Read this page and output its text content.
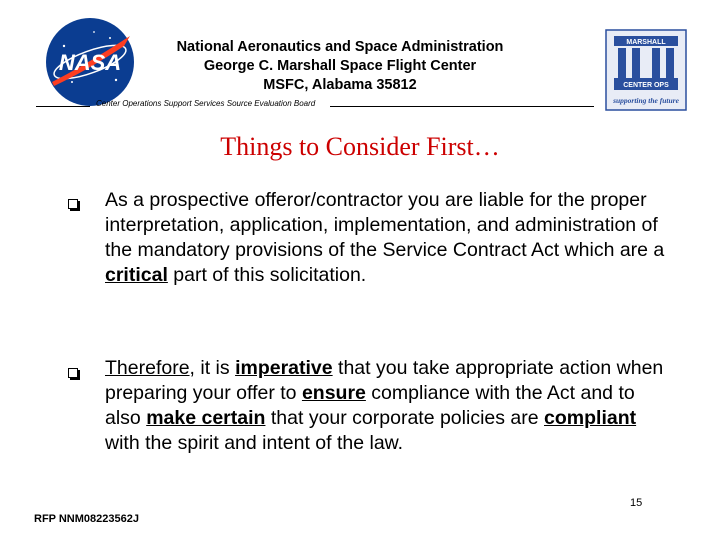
NASA
National Aeronautics and Space Administration
George C. Marshall Space Flight Center
MSFC, Alabama 35812
Center Operations Support Services Source Evaluation Board
MARSHALL
CENTER OPS
supporting the future
Things to Consider First…
As a prospective offeror/contractor you are liable for the proper interpretation, application, implementation, and administration of the mandatory provisions of the Service Contract Act which are a critical part of this solicitation.
Therefore, it is imperative that you take appropriate action when preparing your offer to ensure compliance with the Act and to also make certain that your corporate policies are compliant with the spirit and intent of the law.
15
RFP NNM08223562J
